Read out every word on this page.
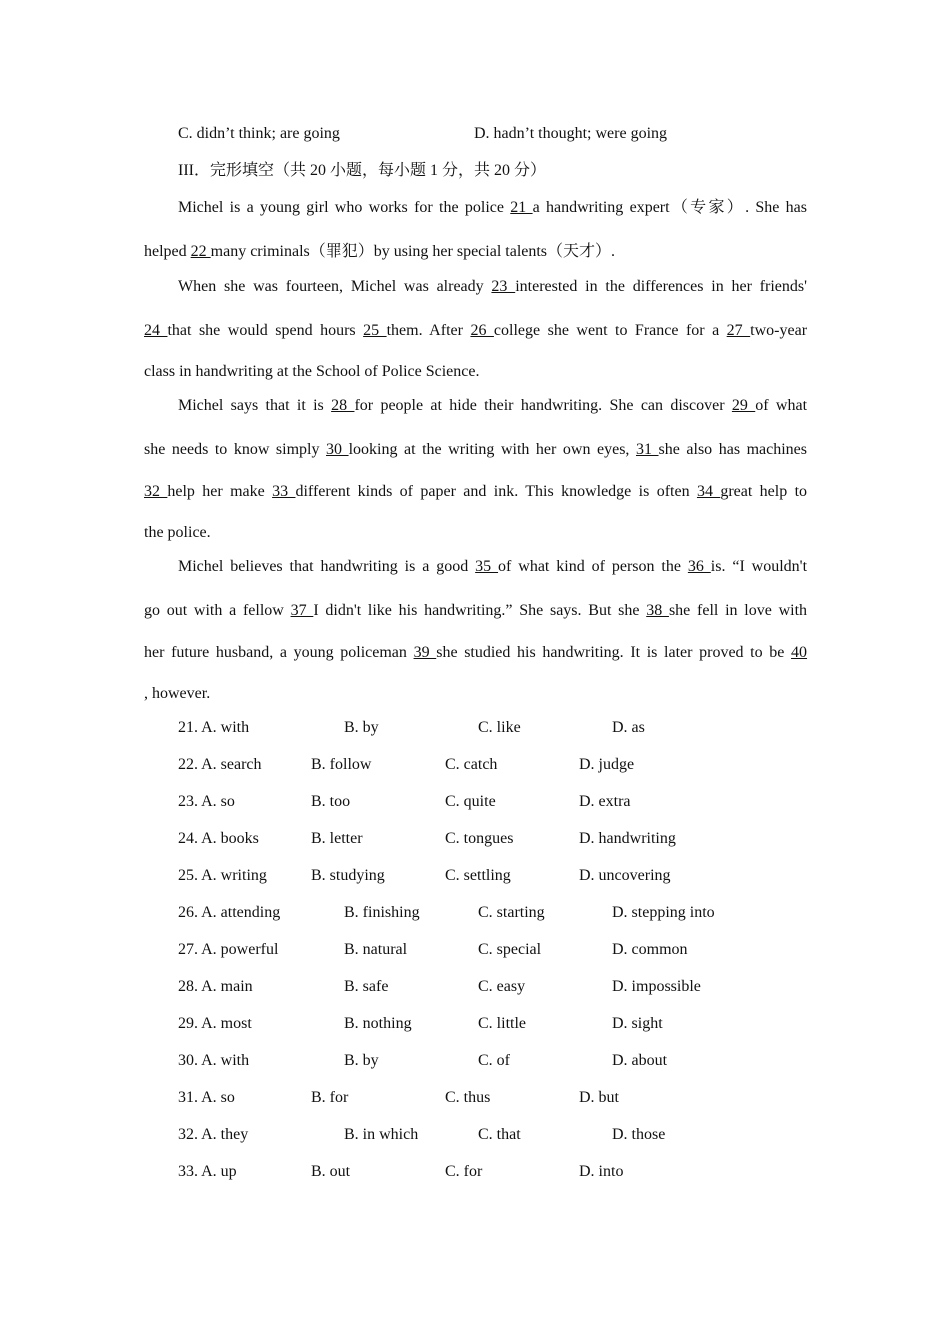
C. didn’t think; are going	D. hadn’t thought; were going
III．完形填空（共 20 小题，每小题 1 分，共 20 分）
Michel is a young girl who works for the police 21 a handwriting expert（专家）. She has
helped 22 many criminals（罪犯）by using her special talents（天才）.
When she was fourteen, Michel was already 23 interested in the differences in her friends'
24 that she would spend hours 25 them. After 26 college she went to France for a 27 two-year
class in handwriting at the School of Police Science.
Michel says that it is 28 for people at hide their handwriting. She can discover 29 of what
she needs to know simply 30 looking at the writing with her own eyes, 31 she also has machines
32 help her make 33 different kinds of paper and ink. This knowledge is often 34 great help to
the police.
Michel believes that handwriting is a good 35 of what kind of person the 36 is. “I wouldn't
go out with a fellow 37 I didn't like his handwriting.” She says. But she 38 she fell in love with
her future husband, a young policeman 39 she studied his handwriting. It is later proved to be 40
, however.
21. A. with	B. by	C. like	D. as
22. A. search	B. follow	C. catch	D. judge
23. A. so	B. too	C. quite	D. extra
24. A. books	B. letter	C. tongues	D. handwriting
25. A. writing	B. studying	C. settling	D. uncovering
26. A. attending	B. finishing	C. starting	D. stepping into
27. A. powerful	B. natural	C. special	D. common
28. A. main	B. safe	C. easy	D. impossible
29. A. most	B. nothing	C. little	D. sight
30. A. with	B. by	C. of	D. about
31. A. so	B. for	C. thus	D. but
32. A. they	B. in which	C. that	D. those
33. A. up	B. out	C. for	D. into
